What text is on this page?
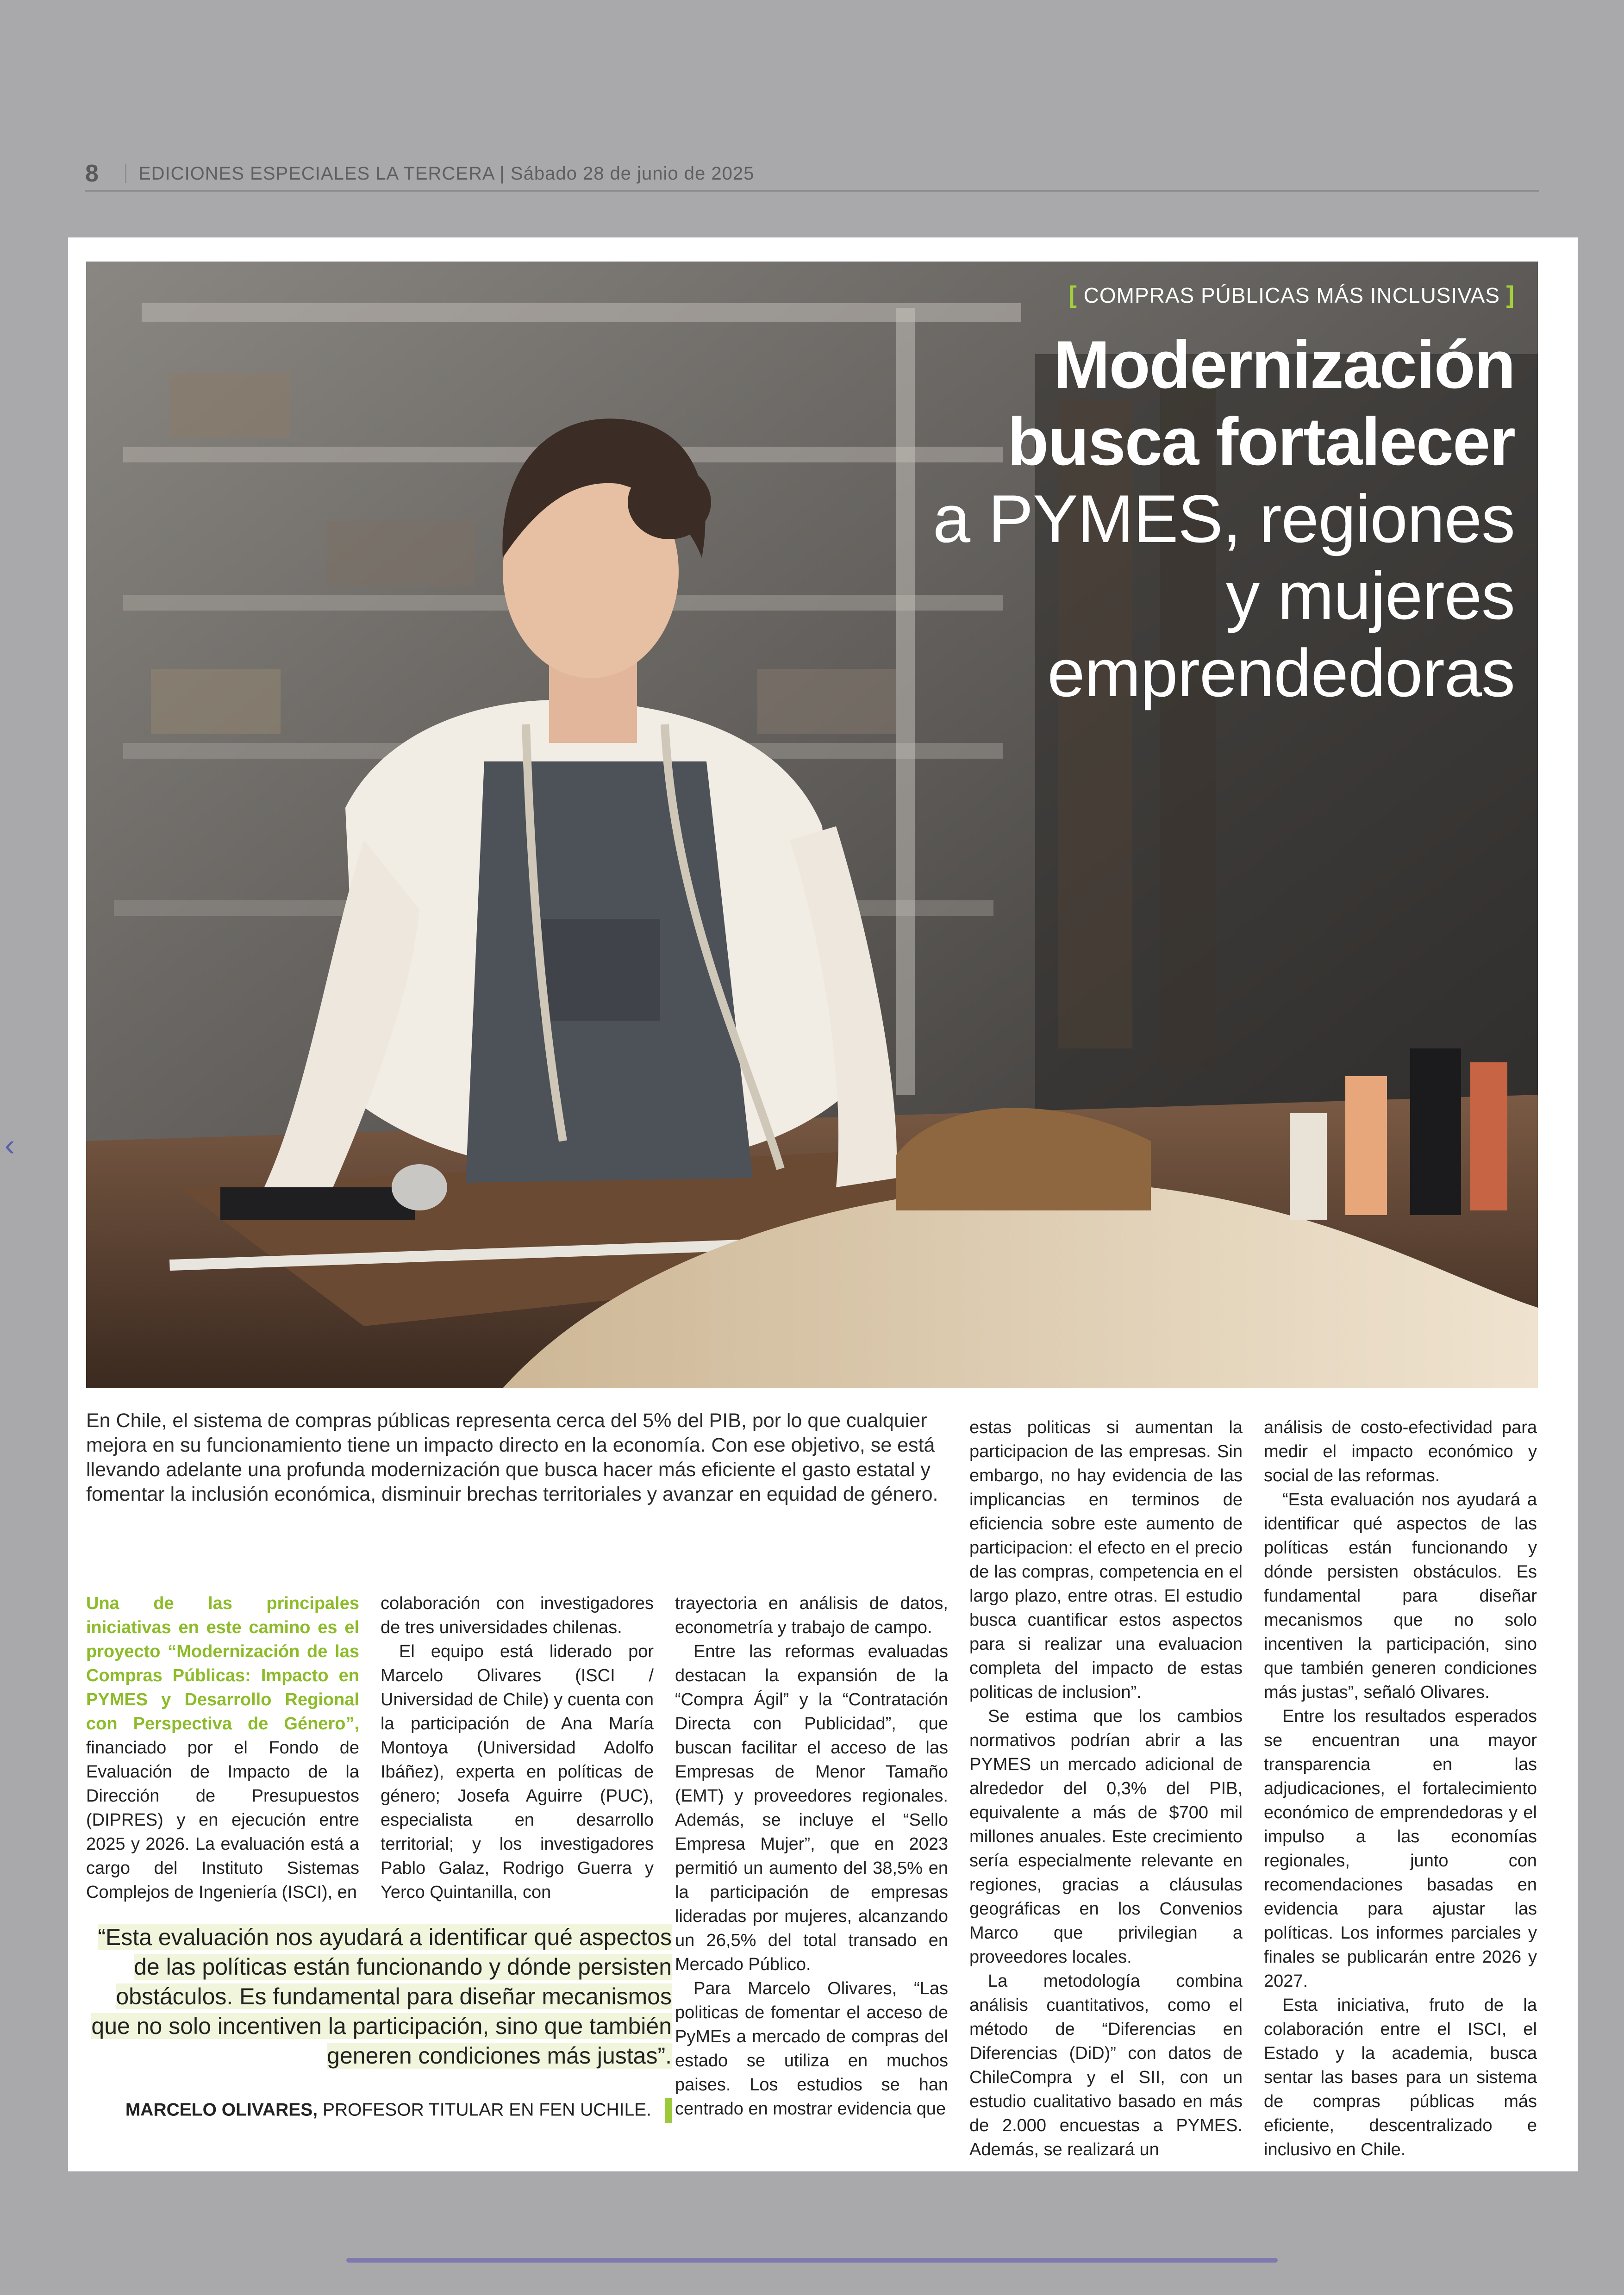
8	EDICIONES ESPECIALES LA TERCERA | Sábado 28 de junio de 2025
‹
[ COMPRAS PÚBLICAS MÁS INCLUSIVAS ]
Modernización
busca fortalecer
a PYMES, regiones
y mujeres
emprendedoras
En Chile, el sistema de compras públicas representa cerca del 5% del PIB, por lo que cualquier mejora en su funcionamiento tiene un impacto directo en la economía. Con ese objetivo, se está llevando adelante una profunda modernización que busca hacer más eficiente el gasto estatal y fomentar la inclusión económica, disminuir brechas territoriales y avanzar en equidad de género.

Una de las principales iniciativas en este camino es el proyecto “Modernización de las Compras Públicas: Impacto en PYMES y Desarrollo Regional con Perspectiva de Género”, financiado por el Fondo de Evaluación de Impacto de la Dirección de Presupuestos (DIPRES) y en ejecución entre 2025 y 2026. La evaluación está a cargo del Instituto Sistemas Complejos de Ingeniería (ISCI), en

colaboración con investigadores de tres universidades chilenas.

El equipo está liderado por Marcelo Olivares (ISCI / Universidad de Chile) y cuenta con la participación de Ana María Montoya (Universidad Adolfo Ibáñez), experta en políticas de género; Josefa Aguirre (PUC), especialista en desarrollo territorial; y los investigadores Pablo Galaz, Rodrigo Guerra y Yerco Quintanilla, con

trayectoria en análisis de datos, econometría y trabajo de campo.

Entre las reformas evaluadas destacan la expansión de la “Compra Ágil” y la “Contratación Directa con Publicidad”, que buscan facilitar el acceso de las Empresas de Menor Tamaño (EMT) y proveedores regionales. Además, se incluye el “Sello Empresa Mujer”, que en 2023 permitió un aumento del 38,5% en la participación de empresas lideradas por mujeres, alcanzando un 26,5% del total transado en Mercado Público.

Para Marcelo Olivares, “Las politicas de fomentar el acceso de PyMEs a mercado de compras del estado se utiliza en muchos paises. Los estudios se han centrado en mostrar evidencia que

estas politicas si aumentan la participacion de las empresas. Sin embargo, no hay evidencia de las implicancias en terminos de eficiencia sobre este aumento de participacion: el efecto en el precio de las compras, competencia en el largo plazo, entre otras. El estudio busca cuantificar estos aspectos para si realizar una evaluacion completa del impacto de estas politicas de inclusion”.

Se estima que los cambios normativos podrían abrir a las PYMES un mercado adicional de alrededor del 0,3% del PIB, equivalente a más de $700 mil millones anuales. Este crecimiento sería especialmente relevante en regiones, gracias a cláusulas geográficas en los Convenios Marco que privilegian a proveedores locales.

La metodología combina análisis cuantitativos, como el método de “Diferencias en Diferencias (DiD)” con datos de ChileCompra y el SII, con un estudio cualitativo basado en más de 2.000 encuestas a PYMES. Además, se realizará un

análisis de costo-efectividad para medir el impacto económico y social de las reformas.

“Esta evaluación nos ayudará a identificar qué aspectos de las políticas están funcionando y dónde persisten obstáculos. Es fundamental para diseñar mecanismos que no solo incentiven la participación, sino que también generen condiciones más justas”, señaló Olivares.

Entre los resultados esperados se encuentran una mayor transparencia en las adjudicaciones, el fortalecimiento económico de emprendedoras y el impulso a las economías regionales, junto con recomendaciones basadas en evidencia para ajustar las políticas. Los informes parciales y finales se publicarán entre 2026 y 2027.

Esta iniciativa, fruto de la colaboración entre el ISCI, el Estado y la academia, busca sentar las bases para un sistema de compras públicas más eficiente, descentralizado e inclusivo en Chile.

“Esta evaluación nos ayudará a identificar qué aspectos de las políticas están funcionando y dónde persisten obstáculos. Es fundamental para diseñar mecanismos que no solo incentiven la participación, sino que también generen condiciones más justas”.
MARCELO OLIVARES, PROFESOR TITULAR EN FEN UCHILE.
